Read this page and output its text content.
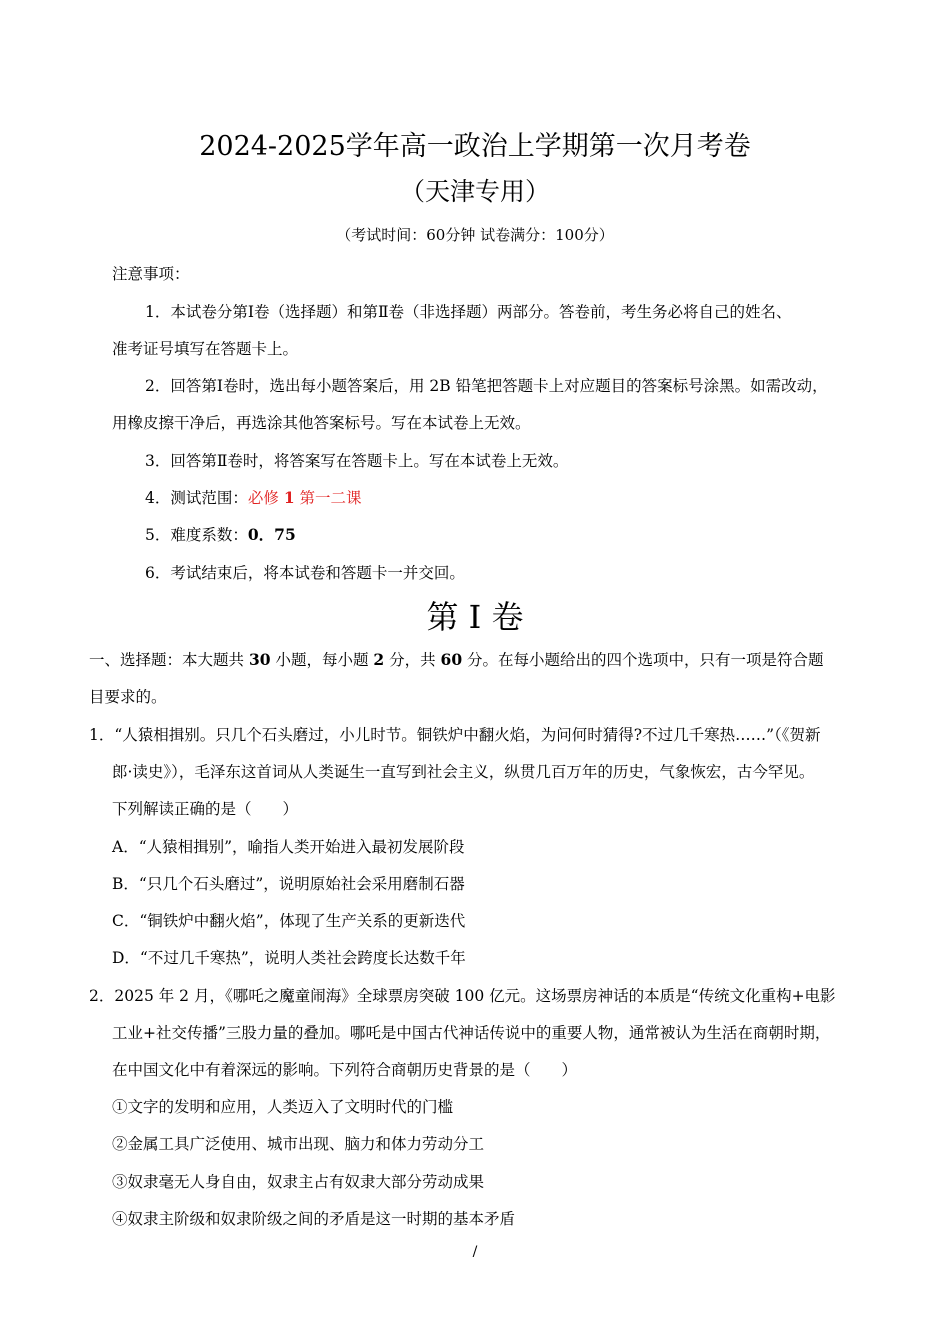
2024-2025学年高一政治上学期第一次月考卷
（天津专用）
（考试时间：60分钟 试卷满分：100分）
注意事项：
1．本试卷分第Ⅰ卷（选择题）和第Ⅱ卷（非选择题）两部分。答卷前，考生务必将自己的姓名、
准考证号填写在答题卡上。
2．回答第Ⅰ卷时，选出每小题答案后，用 2B 铅笔把答题卡上对应题目的答案标号涂黑。如需改动，
用橡皮擦干净后，再选涂其他答案标号。写在本试卷上无效。
3．回答第Ⅱ卷时，将答案写在答题卡上。写在本试卷上无效。
4．测试范围：必修 1 第一二课
5．难度系数：0．75
6．考试结束后，将本试卷和答题卡一并交回。
第 I 卷
一、选择题：本大题共 30 小题，每小题 2 分，共 60 分。在每小题给出的四个选项中，只有一项是符合题
目要求的。
1．“人猿相揖别。只几个石头磨过，小儿时节。铜铁炉中翻火焰，为问何时猜得?不过几千寒热……”（《贺新
郎·读史》），毛泽东这首词从人类诞生一直写到社会主义，纵贯几百万年的历史，气象恢宏，古今罕见。
下列解读正确的是（　　）
A．“人猿相揖别”，喻指人类开始进入最初发展阶段
B．“只几个石头磨过”，说明原始社会采用磨制石器
C．“铜铁炉中翻火焰”，体现了生产关系的更新迭代
D．“不过几千寒热”，说明人类社会跨度长达数千年
2．2025 年 2 月，《哪吒之魔童闹海》全球票房突破 100 亿元。这场票房神话的本质是“传统文化重构+电影
工业+社交传播”三股力量的叠加。哪吒是中国古代神话传说中的重要人物，通常被认为生活在商朝时期，
在中国文化中有着深远的影响。下列符合商朝历史背景的是（　　）
①文字的发明和应用，人类迈入了文明时代的门槛
②金属工具广泛使用、城市出现、脑力和体力劳动分工
③奴隶毫无人身自由，奴隶主占有奴隶大部分劳动成果
④奴隶主阶级和奴隶阶级之间的矛盾是这一时期的基本矛盾
/
